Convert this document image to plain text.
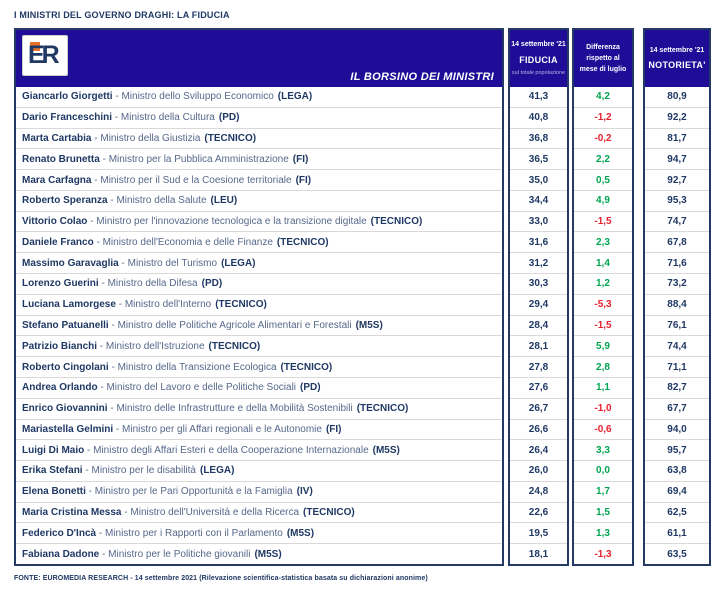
I MINISTRI DEL GOVERNO DRAGHI: LA FIDUCIA
ER
IL BORSINO DEI MINISTRI
Giancarlo Giorgetti - Ministro dello Sviluppo Economico (LEGA)
Dario Franceschini - Ministro della Cultura (PD)
Marta Cartabia - Ministro della Giustizia (TECNICO)
Renato Brunetta - Ministro per la Pubblica Amministrazione (FI)
Mara Carfagna - Ministro per il Sud e la Coesione territoriale (FI)
Roberto Speranza - Ministro della Salute (LEU)
Vittorio Colao - Ministro per l'innovazione tecnologica e la transizione digitale (TECNICO)
Daniele Franco - Ministro dell'Economia e delle Finanze (TECNICO)
Massimo Garavaglia - Ministro del Turismo (LEGA)
Lorenzo Guerini - Ministro della Difesa (PD)
Luciana Lamorgese - Ministro dell'Interno (TECNICO)
Stefano Patuanelli - Ministro delle Politiche Agricole Alimentari e Forestali (M5S)
Patrizio Bianchi - Ministro dell'Istruzione (TECNICO)
Roberto Cingolani - Ministro della Transizione Ecologica (TECNICO)
Andrea Orlando - Ministro del Lavoro e delle Politiche Sociali (PD)
Enrico Giovannini - Ministro delle Infrastrutture e della Mobilità Sostenibili (TECNICO)
Mariastella Gelmini - Ministro per gli Affari regionali e le Autonomie (FI)
Luigi Di Maio - Ministro degli Affari Esteri e della Cooperazione Internazionale (M5S)
Erika Stefani - Ministro per le disabilità (LEGA)
Elena Bonetti - Ministro per le Pari Opportunità e la Famiglia (IV)
Maria Cristina Messa - Ministro dell'Università e della Ricerca (TECNICO)
Federico D'Incà - Ministro per i Rapporti con il Parlamento (M5S)
Fabiana Dadone - Ministro per le Politiche giovanili (M5S)
14 settembre '21
FIDUCIA
sul totale popolazione
41,3
40,8
36,8
36,5
35,0
34,4
33,0
31,6
31,2
30,3
29,4
28,4
28,1
27,8
27,6
26,7
26,6
26,4
26,0
24,8
22,6
19,5
18,1
Differenza rispetto al mese di luglio
4,2
-1,2
-0,2
2,2
0,5
4,9
-1,5
2,3
1,4
1,2
-5,3
-1,5
5,9
2,8
1,1
-1,0
-0,6
3,3
0,0
1,7
1,5
1,3
-1,3
14 settembre '21
NOTORIETA'
80,9
92,2
81,7
94,7
92,7
95,3
74,7
67,8
71,6
73,2
88,4
76,1
74,4
71,1
82,7
67,7
94,0
95,7
63,8
69,4
62,5
61,1
63,5
FONTE: EUROMEDIA RESEARCH - 14 settembre 2021 (Rilevazione scientifica-statistica basata su dichiarazioni anonime)
